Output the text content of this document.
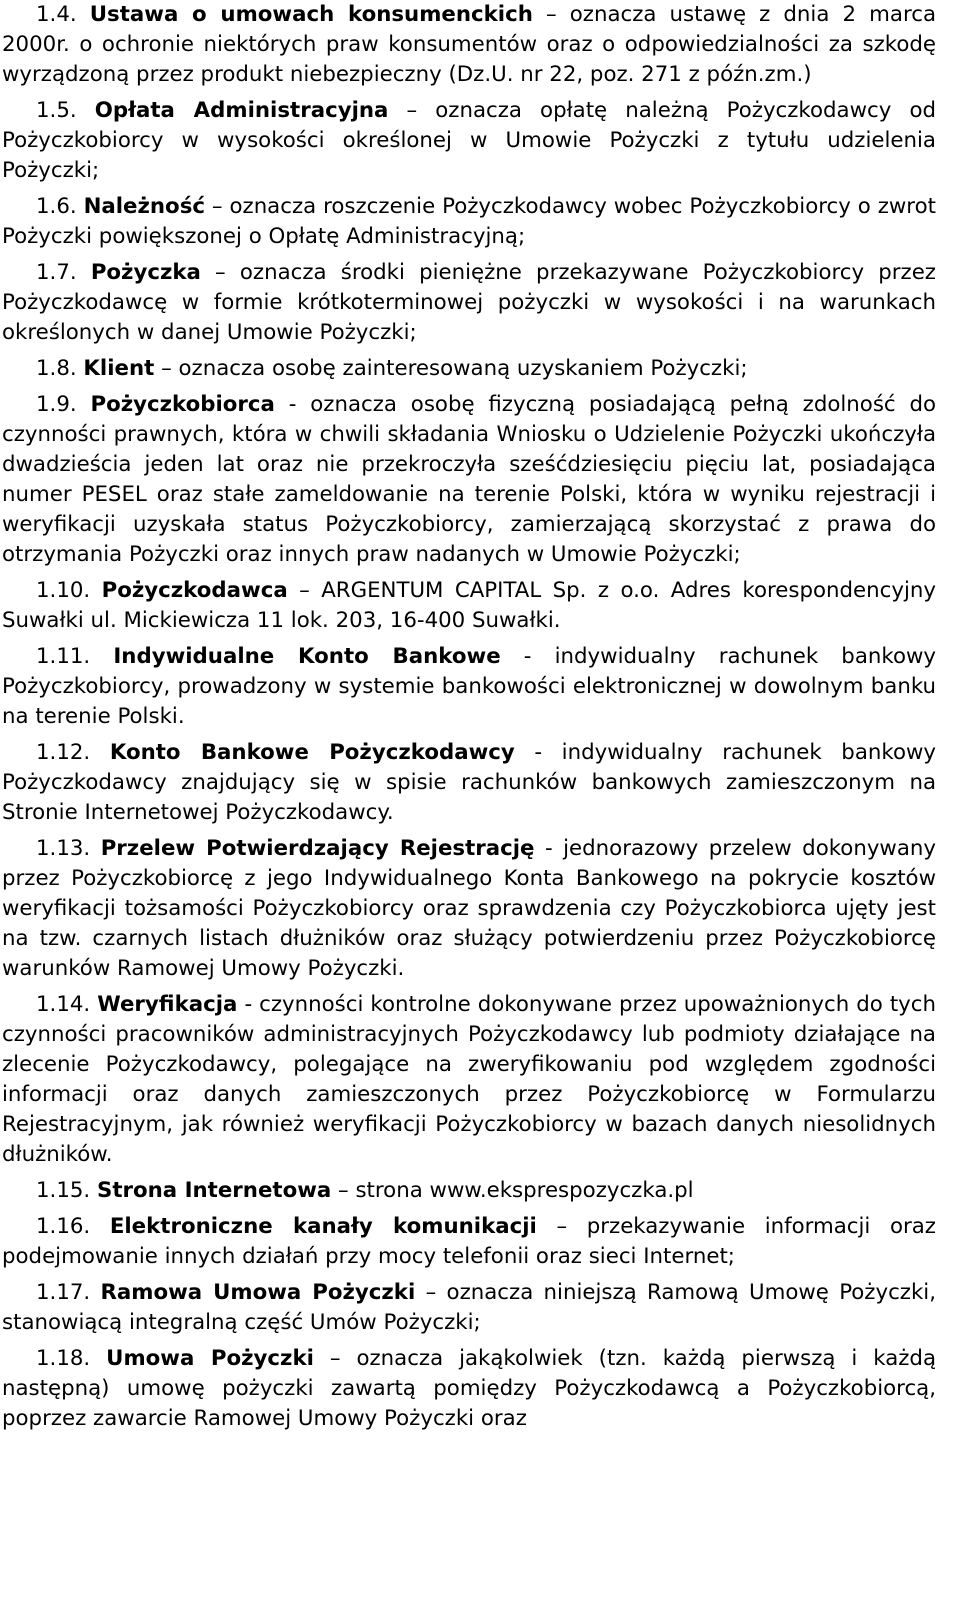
1.4. Ustawa o umowach konsumenckich – oznacza ustawę z dnia 2 marca 2000r. o ochronie niektórych praw konsumentów oraz o odpowiedzialności za szkodę wyrządzoną przez produkt niebezpieczny (Dz.U. nr 22, poz. 271 z późn.zm.)

1.5. Opłata Administracyjna – oznacza opłatę należną Pożyczkodawcy od Pożyczkobiorcy w wysokości określonej w Umowie Pożyczki z tytułu udzielenia Pożyczki;

1.6. Należność – oznacza roszczenie Pożyczkodawcy wobec Pożyczkobiorcy o zwrot Pożyczki powiększonej o Opłatę Administracyjną;

1.7. Pożyczka – oznacza środki pieniężne przekazywane Pożyczkobiorcy przez Pożyczkodawcę w formie krótkoterminowej pożyczki w wysokości i na warunkach określonych w danej Umowie Pożyczki;

1.8. Klient – oznacza osobę zainteresowaną uzyskaniem Pożyczki;

1.9. Pożyczkobiorca - oznacza osobę fizyczną posiadającą pełną zdolność do czynności prawnych, która w chwili składania Wniosku o Udzielenie Pożyczki ukończyła dwadzieścia jeden lat oraz nie przekroczyła sześćdziesięciu pięciu lat, posiadająca numer PESEL oraz stałe zameldowanie na terenie Polski, która w wyniku rejestracji i weryfikacji uzyskała status Pożyczkobiorcy, zamierzającą skorzystać z prawa do otrzymania Pożyczki oraz innych praw nadanych w Umowie Pożyczki;

1.10. Pożyczkodawca – ARGENTUM CAPITAL Sp. z o.o. Adres korespondencyjny Suwałki ul. Mickiewicza 11 lok. 203, 16-400 Suwałki.

1.11. Indywidualne Konto Bankowe - indywidualny rachunek bankowy Pożyczkobiorcy, prowadzony w systemie bankowości elektronicznej w dowolnym banku na terenie Polski.

1.12. Konto Bankowe Pożyczkodawcy - indywidualny rachunek bankowy Pożyczkodawcy znajdujący się w spisie rachunków bankowych zamieszczonym na Stronie Internetowej Pożyczkodawcy.

1.13. Przelew Potwierdzający Rejestrację - jednorazowy przelew dokonywany przez Pożyczkobiorcę z jego Indywidualnego Konta Bankowego na pokrycie kosztów weryfikacji tożsamości Pożyczkobiorcy oraz sprawdzenia czy Pożyczkobiorca ujęty jest na tzw. czarnych listach dłużników oraz służący potwierdzeniu przez Pożyczkobiorcę warunków Ramowej Umowy Pożyczki.

1.14. Weryfikacja - czynności kontrolne dokonywane przez upoważnionych do tych czynności pracowników administracyjnych Pożyczkodawcy lub podmioty działające na zlecenie Pożyczkodawcy, polegające na zweryfikowaniu pod względem zgodności informacji oraz danych zamieszczonych przez Pożyczkobiorcę w Formularzu Rejestracyjnym, jak również weryfikacji Pożyczkobiorcy w bazach danych niesolidnych dłużników.

1.15. Strona Internetowa – strona www.eksprespozyczka.pl

1.16. Elektroniczne kanały komunikacji – przekazywanie informacji oraz podejmowanie innych działań przy mocy telefonii oraz sieci Internet;

1.17. Ramowa Umowa Pożyczki – oznacza niniejszą Ramową Umowę Pożyczki, stanowiącą integralną część Umów Pożyczki;

1.18. Umowa Pożyczki – oznacza jakąkolwiek (tzn. każdą pierwszą i każdą następną) umowę pożyczki zawartą pomiędzy Pożyczkodawcą a Pożyczkobiorcą, poprzez zawarcie Ramowej Umowy Pożyczki oraz
